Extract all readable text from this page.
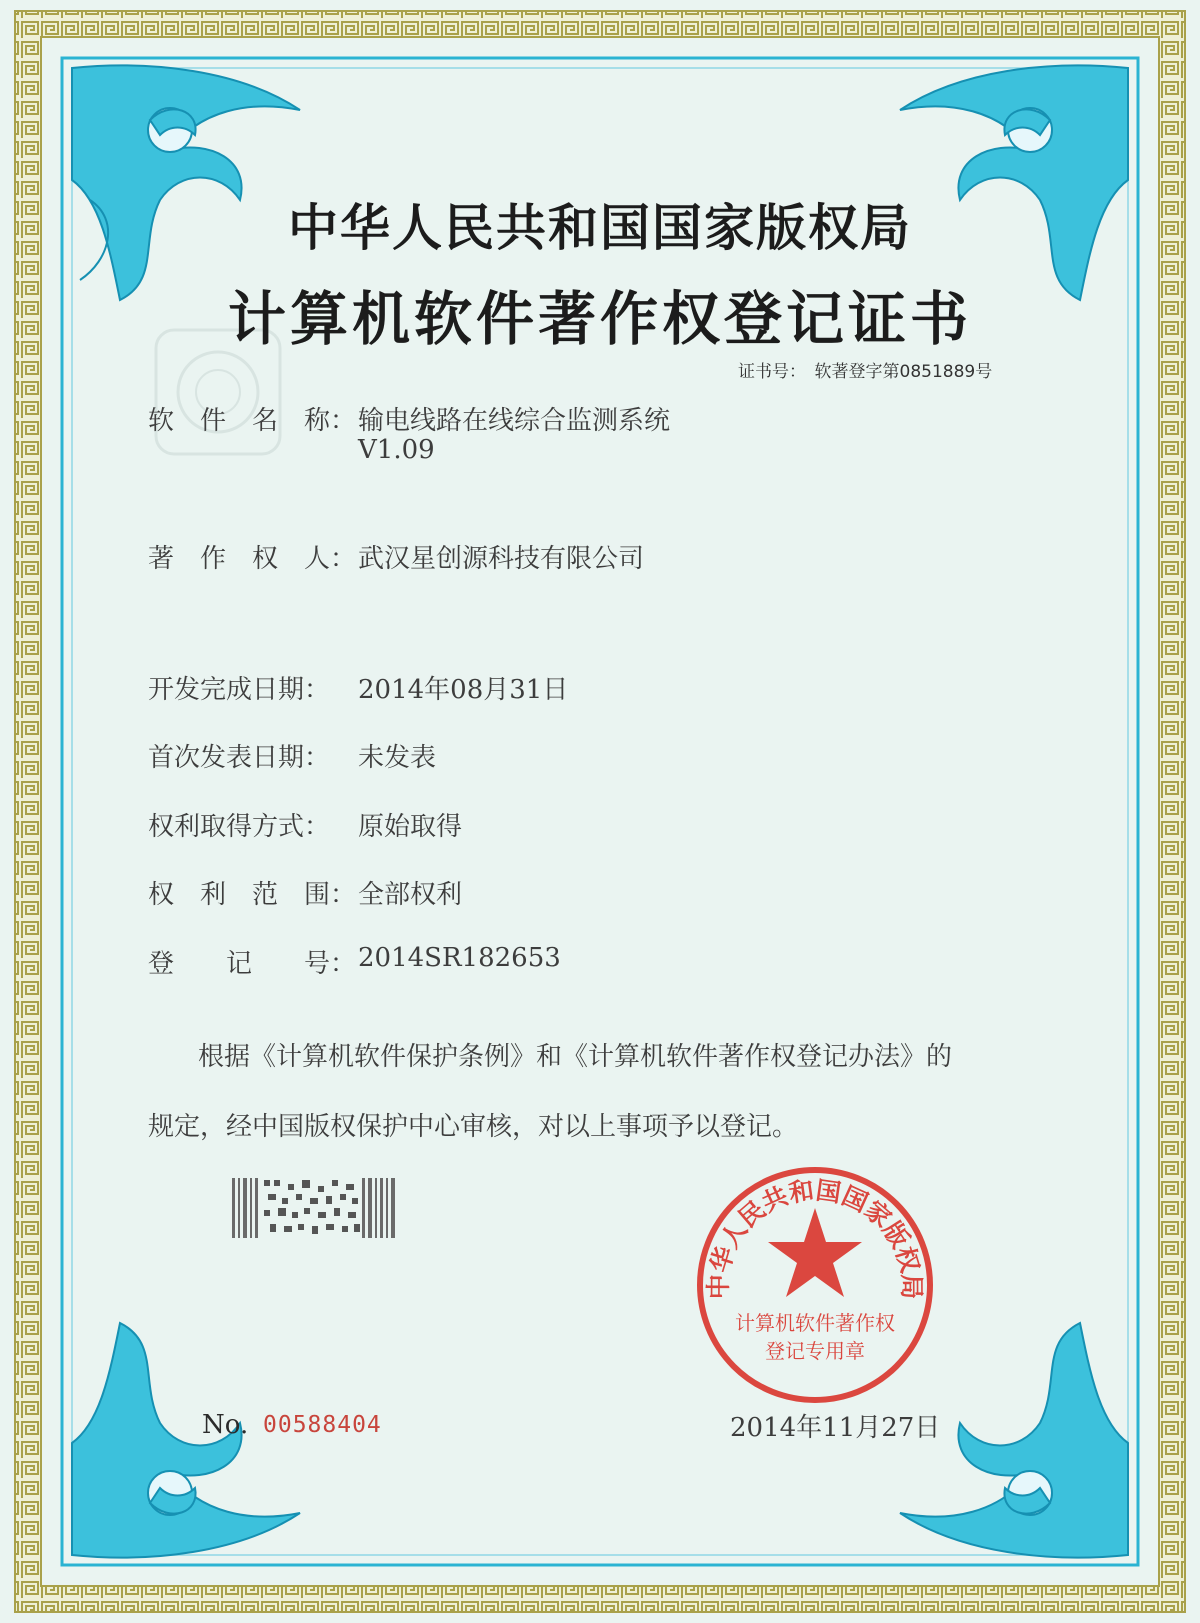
中华人民共和国国家版权局
计算机软件著作权登记证书
证书号：　软著登字第0851889号
软　件　名　称： 输电线路在线综合监测系统
V1.09
著　作　权　人： 武汉星创源科技有限公司
开发完成日期： 2014年08月31日
首次发表日期： 未发表
权利取得方式： 原始取得
权　利　范　围： 全部权利
登　　记　　号： 2014SR182653
根据《计算机软件保护条例》和《计算机软件著作权登记办法》的
规定，经中国版权保护中心审核，对以上事项予以登记。
No. 00588404	2014年11月27日
中华人民共和国国家版权局
计算机软件著作权
登记专用章
